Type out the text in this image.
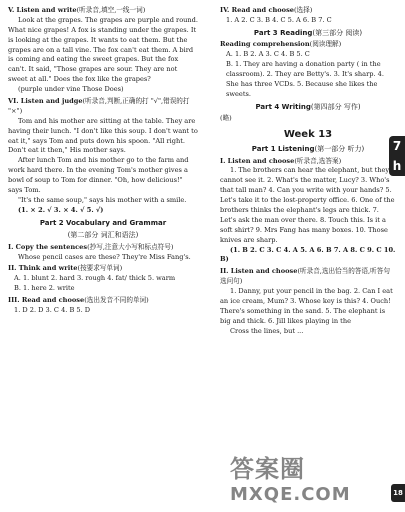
V. Listen and write(听录音,填空,一线一词)

Look at the grapes. The grapes are purple and round. What nice grapes! A fox is standing under the grapes. It is looking at the grapes. It wants to eat them. But the grapes are on a tall vine. The fox can't eat them. A bird is coming and eating the sweet grapes. But the fox can't. It said, "Those grapes are sour. They are not sweet at all." Does the fox like the grapes?

(purple under vine Those Does)

VI. Listen and judge(听录音,判断,正确的打 "√",错误的打 "×")

Tom and his mother are sitting at the table. They are having their lunch. "I don't like this soup. I don't want to eat it," says Tom and puts down his spoon. "All right. Don't eat it then," His mother says.

After lunch Tom and his mother go to the farm and work hard there. In the evening Tom's mother gives a bowl of soup to Tom for dinner. "Oh, how delicious!" says Tom.

"It's the same soup," says his mother with a smile.

(1. × 2. √ 3. × 4. √ 5. √)

Part 2 Vocabulary and Grammar
(第二部分 词汇和语法)

I. Copy the sentences(抄写,注意大小写和标点符号)

Whose pencil cases are these? They're Miss Fang's.

II. Think and write(按要求写单词)

A. 1. blunt 2. hard 3. rough 4. fat/ thick 5. warm

B. 1. here 2. write

III. Read and choose(选出发音不同的单词)

1. D 2. D 3. C 4. B 5. D

IV. Read and choose(选择)

1. A 2. C 3. B 4. C 5. A 6. B 7. C

Part 3 Reading(第三部分 阅读)

Reading comprehension(阅读理解)

A. 1. B 2. A 3. C 4. B 5. C

B. 1. They are having a donation party ( in the classroom). 2. They are Betty's. 3. It's sharp. 4. She has three VCDs. 5. Because she likes the sweets.

Part 4 Writing(第四部分 写作)

(略)

Week 13
Part 1 Listening(第一部分 听力)

I. Listen and choose(听录音,选答案)

1. The brothers can hear the elephant, but they cannot see it. 2. What's the matter, Lucy? 3. Who's that tall man? 4. Can you write with your hands? 5. Let's take it to the lost-property office. 6. One of the brothers thinks the elephant's legs are thick. 7. Let's ask the man over there. 8. Touch this. Is it a soft shirt? 9. Mrs Fang has many boxes. 10. Those knives are sharp.

(1. B 2. C 3. C 4. A 5. A 6. B 7. A 8. C 9. C 10. B)

II. Listen and choose(听录音,选出恰当的答语,听答句选问句)

1. Danny, put your pencil in the bag. 2. Can I eat an ice cream, Mum? 3. Whose key is this? 4. Ouch! There's something in the sand. 5. The elephant is big and thick. 6. Jill likes playing in the

Cross the lines, but ...

7 h
18
答案圈
MXQE.COM
